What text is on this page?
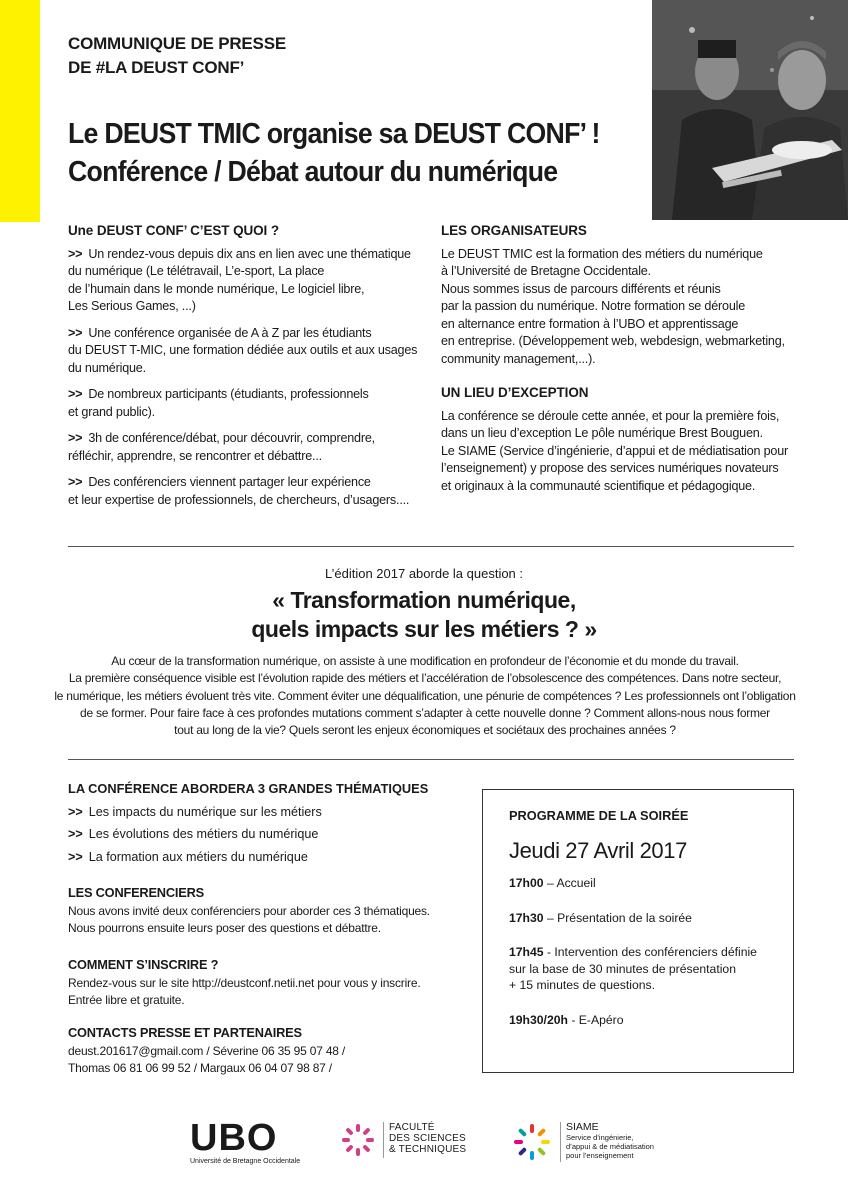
COMMUNIQUE DE PRESSE
DE #LA DEUST CONF’
Le DEUST TMIC organise sa DEUST CONF’ !
Conférence / Débat autour du numérique
Une DEUST CONF’ C’EST QUOI ?

>> Un rendez-vous depuis dix ans en lien avec une thématique
du numérique (Le télétravail, L’e-sport, La place
de l’humain dans le monde numérique, Le logiciel libre,
Les Serious Games, ...)

>> Une conférence organisée de A à Z par les étudiants
du DEUST T-MIC, une formation dédiée aux outils et aux usages
du numérique.

>> De nombreux participants (étudiants, professionnels
et grand public).

>> 3h de conférence/débat, pour découvrir, comprendre,
réfléchir, apprendre, se rencontrer et débattre...

>> Des conférenciers viennent partager leur expérience
et leur expertise de professionnels, de chercheurs, d’usagers....

LES ORGANISATEURS

Le DEUST TMIC est la formation des métiers du numérique
à l’Université de Bretagne Occidentale.
Nous sommes issus de parcours différents et réunis
par la passion du numérique. Notre formation se déroule
en alternance entre formation à l’UBO et apprentissage
en entreprise. (Développement web, webdesign, webmarketing,
community management,...).

UN LIEU D’EXCEPTION

La conférence se déroule cette année, et pour la première fois,
dans un lieu d’exception Le pôle numérique Brest Bouguen.
Le SIAME (Service d’ingénierie, d’appui et de médiatisation pour
l’enseignement) y propose des services numériques novateurs
et originaux à la communauté scientifique et pédagogique.

L’édition 2017 aborde la question :
« Transformation numérique,
quels impacts sur les métiers ? »
Au cœur de la transformation numérique, on assiste à une modification en profondeur de l’économie et du monde du travail.
La première conséquence visible est l’évolution rapide des métiers et l’accélération de l’obsolescence des compétences. Dans notre secteur,
le numérique, les métiers évoluent très vite. Comment éviter une déqualification, une pénurie de compétences ? Les professionnels ont l’obligation
de se former. Pour faire face à ces profondes mutations comment s’adapter à cette nouvelle donne ? Comment allons-nous nous former
tout au long de la vie? Quels seront les enjeux économiques et sociétaux des prochaines années ?
LA CONFÉRENCE ABORDERA 3 GRANDES THÉMATIQUES
>> Les impacts du numérique sur les métiers
>> Les évolutions des métiers du numérique
>> La formation aux métiers du numérique
LES CONFERENCIERS
Nous avons invité deux conférenciers pour aborder ces 3 thématiques.
Nous pourrons ensuite leurs poser des questions et débattre.
COMMENT S’INSCRIRE ?
Rendez-vous sur le site http://deustconf.netii.net pour vous y inscrire.
Entrée libre et gratuite.
CONTACTS PRESSE ET PARTENAIRES
deust.201617@gmail.com / Séverine 06 35 95 07 48 /
Thomas 06 81 06 99 52 / Margaux 06 04 07 98 87 /
PROGRAMME DE LA SOIRÉE
Jeudi 27 Avril 2017
17h00 – Accueil
17h30 – Présentation de la soirée
17h45 - Intervention des conférenciers définie
sur la base de 30 minutes de présentation
+ 15 minutes de questions.
19h30/20h - E-Apéro
UBO
Université de Bretagne Occidentale
FACULTÉ
DES SCIENCES
& TECHNIQUES
SIAME
Service d’ingénierie,
d’appui & de médiatisation
pour l’enseignement
